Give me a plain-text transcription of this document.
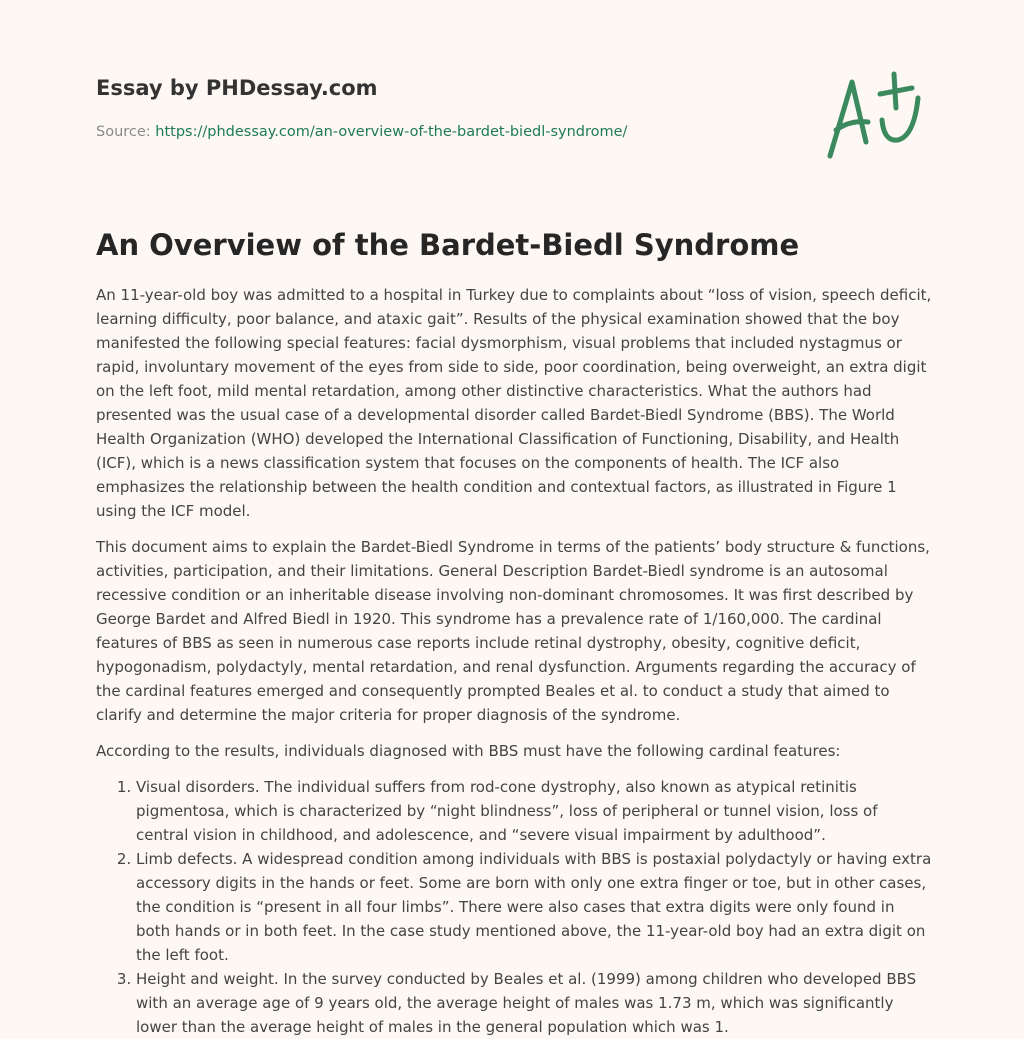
Essay by PHDessay.com
Source: https://phdessay.com/an-overview-of-the-bardet-biedl-syndrome/
An Overview of the Bardet-Biedl Syndrome

An 11-year-old boy was admitted to a hospital in Turkey due to complaints about “loss of vision, speech deficit, learning difficulty, poor balance, and ataxic gait”. Results of the physical examination showed that the boy manifested the following special features: facial dysmorphism, visual problems that included nystagmus or rapid, involuntary movement of the eyes from side to side, poor coordination, being overweight, an extra digit on the left foot, mild mental retardation, among other distinctive characteristics. What the authors had presented was the usual case of a developmental disorder called Bardet-Biedl Syndrome (BBS). The World Health Organization (WHO) developed the International Classification of Functioning, Disability, and Health (ICF), which is a news classification system that focuses on the components of health. The ICF also emphasizes the relationship between the health condition and contextual factors, as illustrated in Figure 1 using the ICF model.

This document aims to explain the Bardet-Biedl Syndrome in terms of the patients’ body structure & functions, activities, participation, and their limitations. General Description Bardet-Biedl syndrome is an autosomal recessive condition or an inheritable disease involving non-dominant chromosomes. It was first described by George Bardet and Alfred Biedl in 1920. This syndrome has a prevalence rate of 1/160,000. The cardinal features of BBS as seen in numerous case reports include retinal dystrophy, obesity, cognitive deficit, hypogonadism, polydactyly, mental retardation, and renal dysfunction. Arguments regarding the accuracy of the cardinal features emerged and consequently prompted Beales et al. to conduct a study that aimed to clarify and determine the major criteria for proper diagnosis of the syndrome.

According to the results, individuals diagnosed with BBS must have the following cardinal features:

1. Visual disorders. The individual suffers from rod-cone dystrophy, also known as atypical retinitis pigmentosa, which is characterized by “night blindness”, loss of peripheral or tunnel vision, loss of central vision in childhood, and adolescence, and “severe visual impairment by adulthood”.
2. Limb defects. A widespread condition among individuals with BBS is postaxial polydactyly or having extra accessory digits in the hands or feet. Some are born with only one extra finger or toe, but in other cases, the condition is “present in all four limbs”. There were also cases that extra digits were only found in both hands or in both feet. In the case study mentioned above, the 11-year-old boy had an extra digit on the left foot.
3. Height and weight. In the survey conducted by Beales et al. (1999) among children who developed BBS with an average age of 9 years old, the average height of males was 1.73 m, which was significantly lower than the average height of males in the general population which was 1.
